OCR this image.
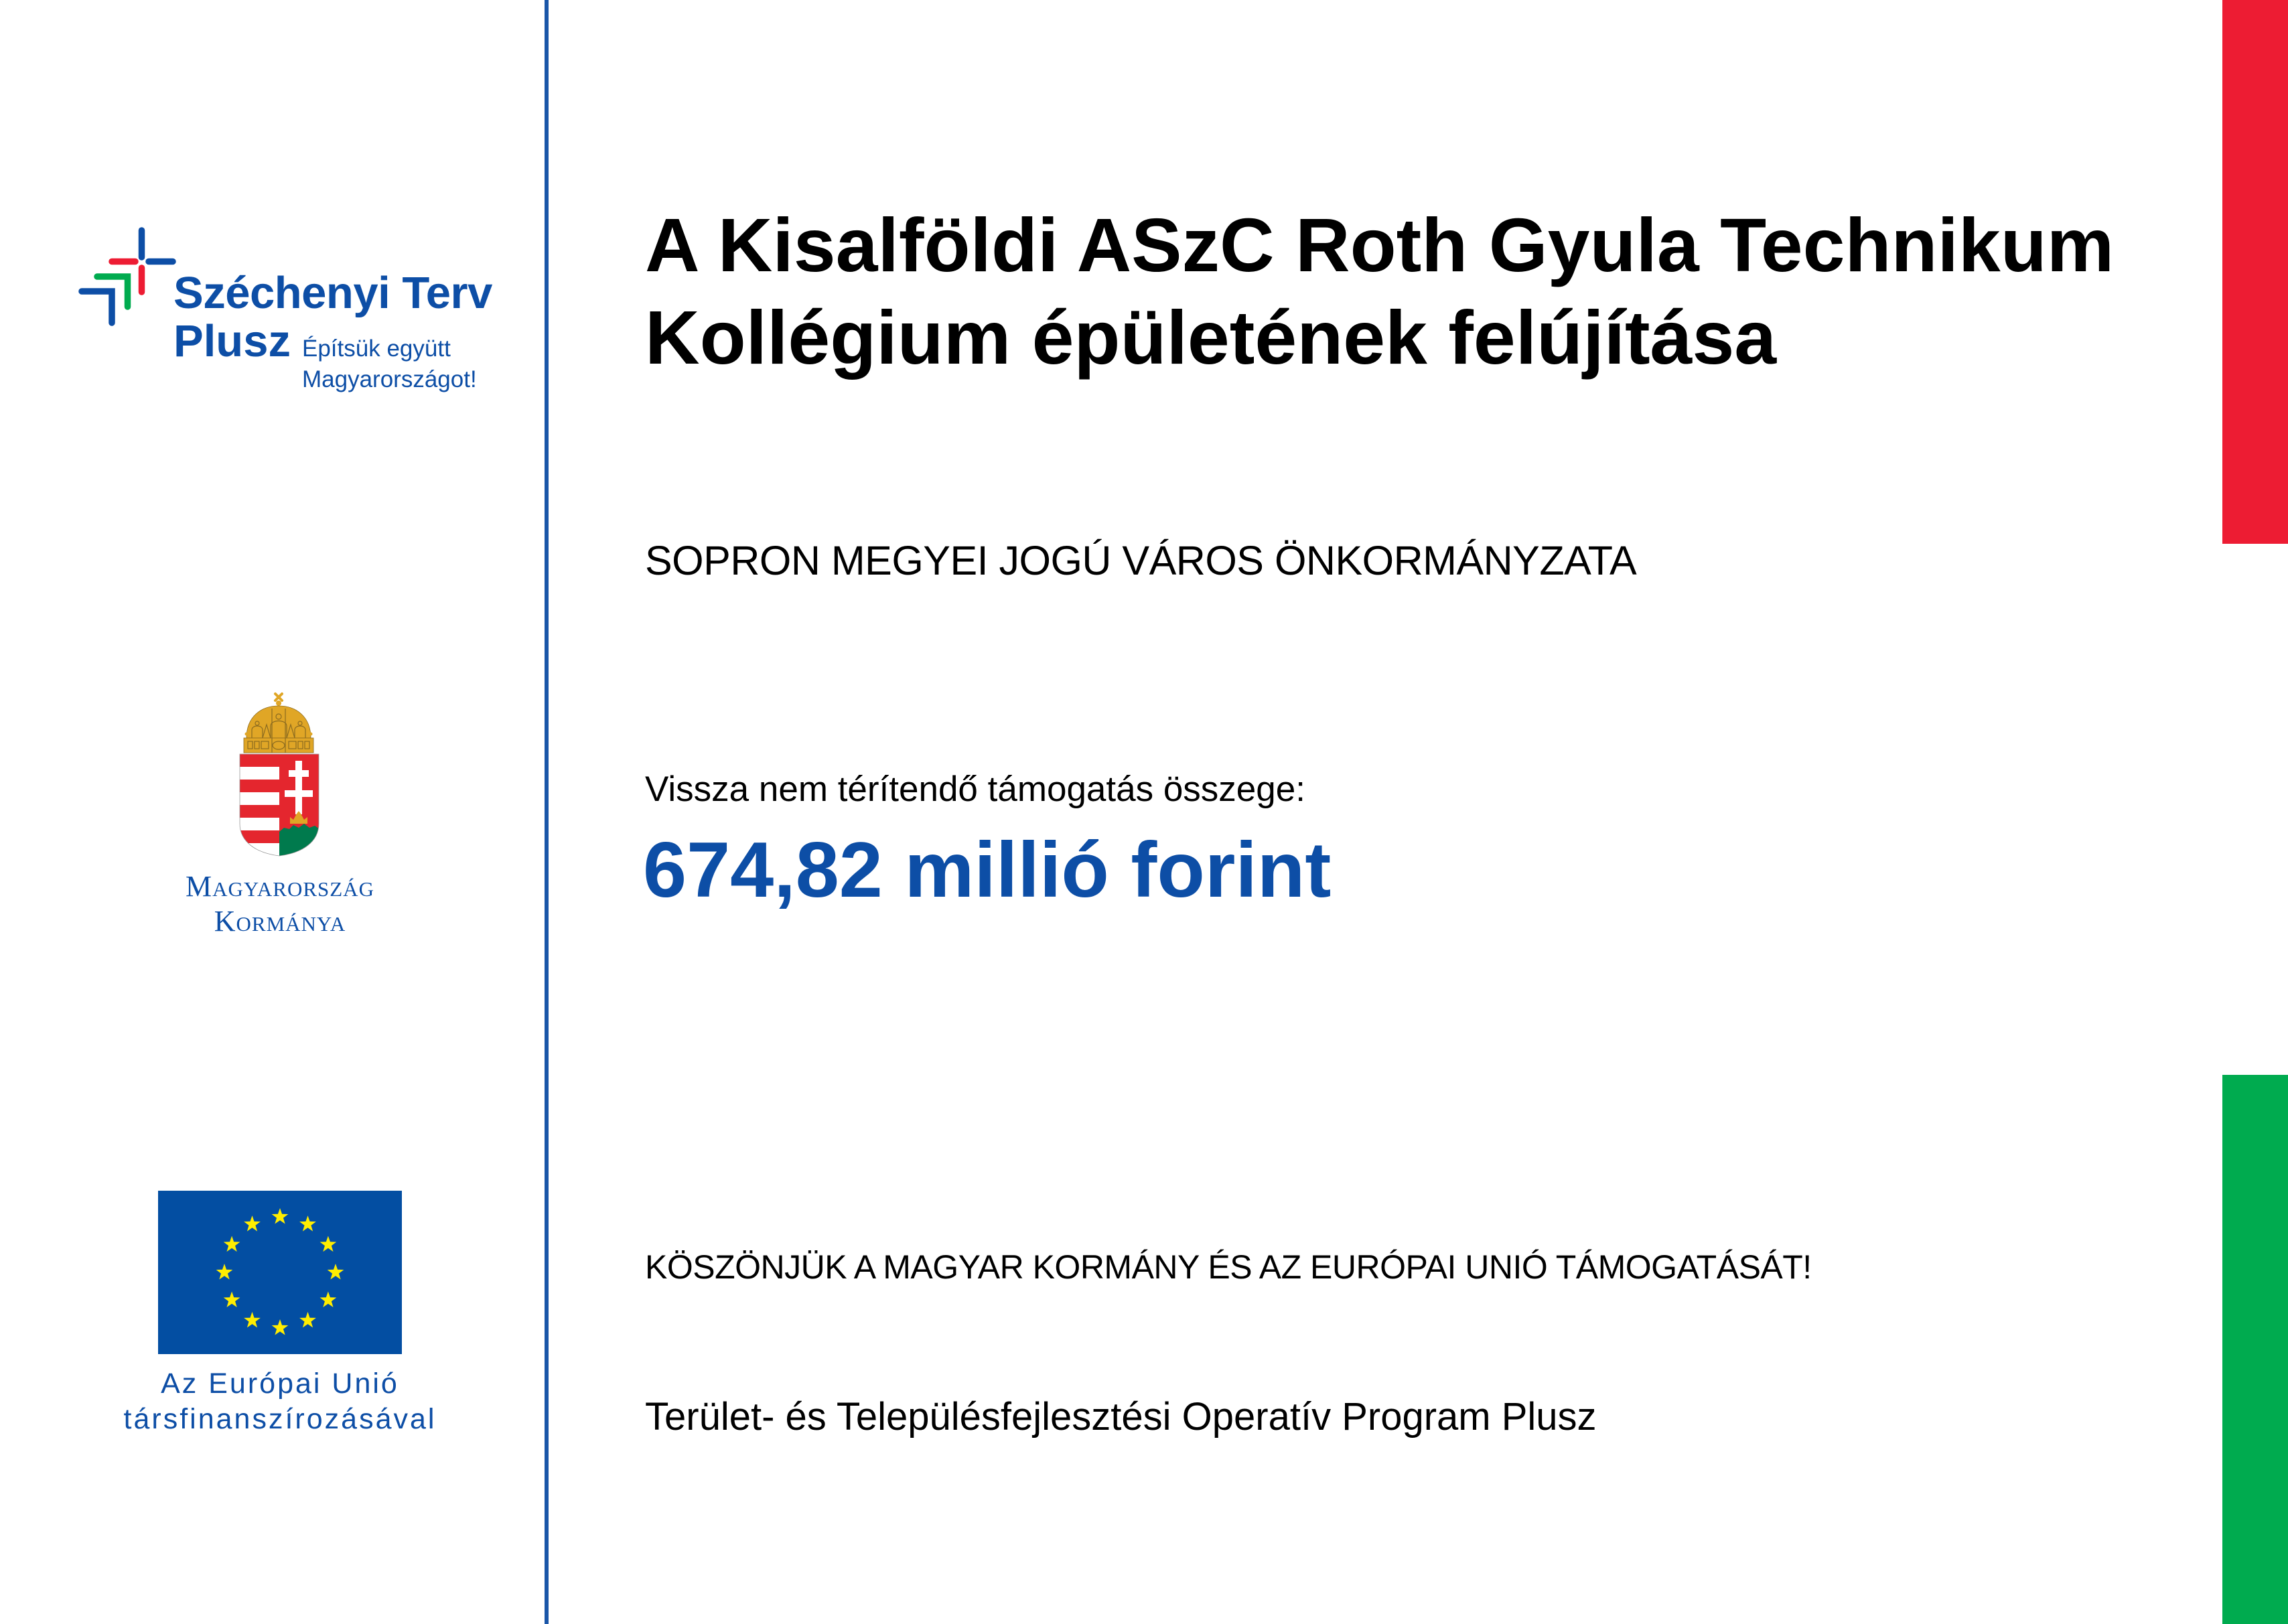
Széchenyi Terv
Plusz Építsük együtt
Magyarországot!
Magyarország
Kormánya
Az Európai Unió
társfinanszírozásával
A Kisalföldi ASzC Roth Gyula Technikum Kollégium épületének felújítása
SOPRON MEGYEI JOGÚ VÁROS ÖNKORMÁNYZATA
Vissza nem térítendő támogatás összege:
674,82 millió forint
KÖSZÖNJÜK A MAGYAR KORMÁNY ÉS AZ EURÓPAI UNIÓ TÁMOGATÁSÁT!
Terület- és Településfejlesztési Operatív Program Plusz
